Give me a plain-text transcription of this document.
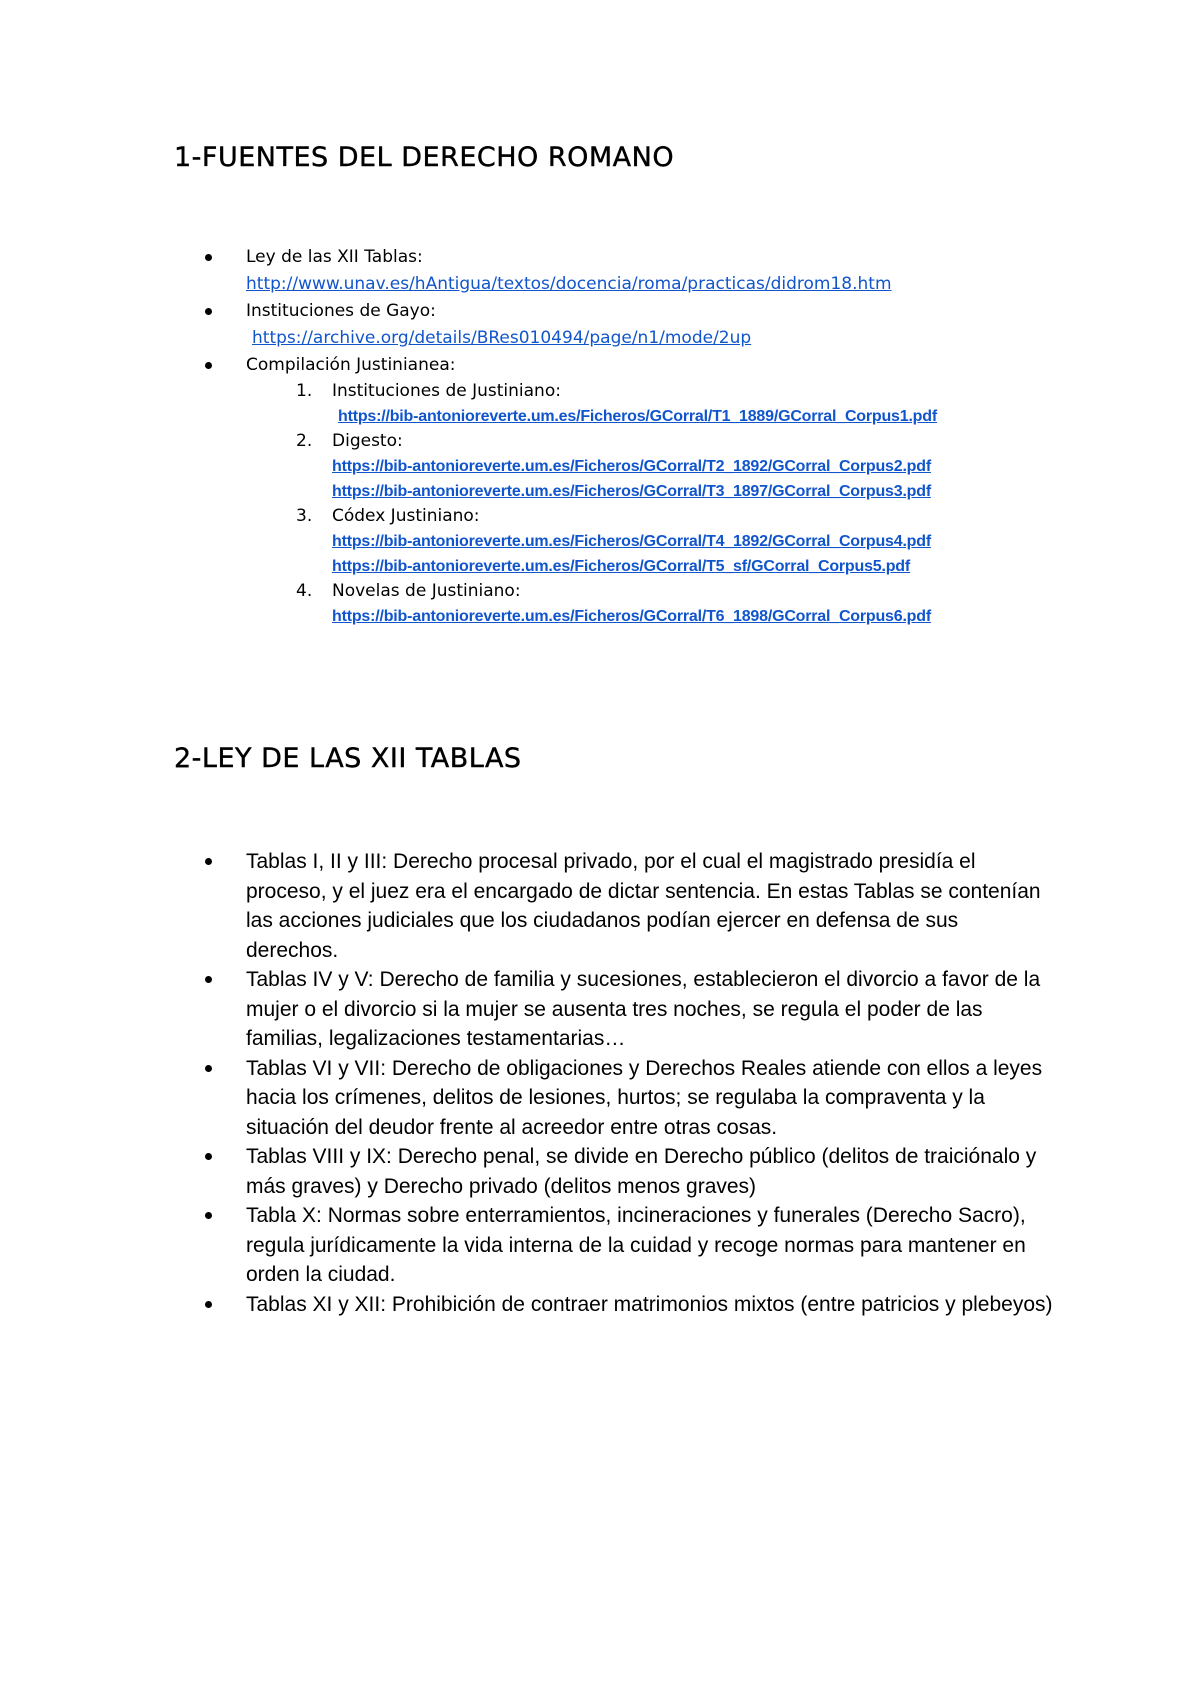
1-FUENTES DEL DERECHO ROMANO
Ley de las XII Tablas:
http://www.unav.es/hAntigua/textos/docencia/roma/practicas/didrom18.htm
Instituciones de Gayo:
https://archive.org/details/BRes010494/page/n1/mode/2up
Compilación Justinianea:
1. Instituciones de Justiniano:
https://bib-antonioreverte.um.es/Ficheros/GCorral/T1_1889/GCorral_Corpus1.pdf
2. Digesto:
https://bib-antonioreverte.um.es/Ficheros/GCorral/T2_1892/GCorral_Corpus2.pdf
https://bib-antonioreverte.um.es/Ficheros/GCorral/T3_1897/GCorral_Corpus3.pdf
3. Códex Justiniano:
https://bib-antonioreverte.um.es/Ficheros/GCorral/T4_1892/GCorral_Corpus4.pdf
https://bib-antonioreverte.um.es/Ficheros/GCorral/T5_sf/GCorral_Corpus5.pdf
4. Novelas de Justiniano:
https://bib-antonioreverte.um.es/Ficheros/GCorral/T6_1898/GCorral_Corpus6.pdf
2-LEY DE LAS XII TABLAS
Tablas I, II y III: Derecho procesal privado, por el cual el magistrado presidía el proceso, y el juez era el encargado de dictar sentencia. En estas Tablas se contenían las acciones judiciales que los ciudadanos podían ejercer en defensa de sus derechos.
Tablas IV y V: Derecho de familia y sucesiones, establecieron el divorcio a favor de la mujer o el divorcio si la mujer se ausenta tres noches, se regula el poder de las familias, legalizaciones testamentarias…
Tablas VI y VII: Derecho de obligaciones y Derechos Reales atiende con ellos a leyes hacia los crímenes, delitos de lesiones, hurtos; se regulaba la compraventa y la situación del deudor frente al acreedor entre otras cosas.
Tablas VIII y IX: Derecho penal, se divide en Derecho público (delitos de traiciónalo y más graves) y Derecho privado (delitos menos graves)
Tabla X: Normas sobre enterramientos, incineraciones y funerales (Derecho Sacro), regula jurídicamente la vida interna de la cuidad y recoge normas para mantener en orden la ciudad.
Tablas XI y XII: Prohibición de contraer matrimonios mixtos (entre patricios y plebeyos)
